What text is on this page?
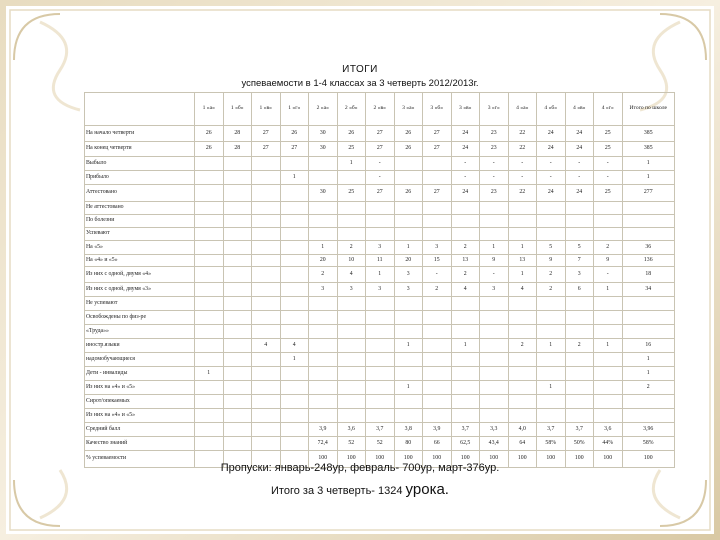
ИТОГИ
успеваемости в 1-4 классах за 3 четверть 2012/2013г.
	1 «а»	1 «б»	1 «в»	1 «г»	2 «а»	2 «б»	2 «в»	3 «а»	3 «б»	3 «в»	3 «г»	4 «а»	4 «б»	4 «в»	4 «г»	Итого по школе
На начало четверти	26	28	27	26	30	26	27	26	27	24	23	22	24	24	25	385
На конец четверти	26	28	27	27	30	25	27	26	27	24	23	22	24	24	25	385
Выбыло						1	-			-	-	-	-	-	-	1
Прибыло				1			-			-	-	-	-	-	-	1
Аттестовано					30	25	27	26	27	24	23	22	24	24	25	277
Не аттестовано																
По болезни																
Успевают																
На «5»					1	2	3	1	3	2	1	1	5	5	2	36
На «4» и «5»					20	10	11	20	15	13	9	13	9	7	9	136
Из них с одной, двумя «4»					2	4	1	3	-	2	-	1	2	3	-	18
Из них с одной, двумя «3»					3	3	3	3	2	4	3	4	2	6	1	34
Не успевают																
Освобождены по физ-ре																
«Труда»»																
иностр.языки			4	4				1		1		2	1	2	1	16
надомобучающиеся				1												1
Дети - инвалиды	1															1
Из них на «4» и «5»								1					1			2
Сирот/опекаемых																
Из них на «4» и «5»																
Средний балл					3,9	3,6	3,7	3,8	3,9	3,7	3,3	4,0	3,7	3,7	3,6	3,96
Качество знаний					72,4	52	52	80	66	62,5	43,4	64	58%	50%	44%	58%
% успеваемости					100	100	100	100	100	100	100	100	100	100	100	100
Пропуски: январь-248ур, февраль- 700ур, март-376ур.
Итого за 3 четверть- 1324 урока.
